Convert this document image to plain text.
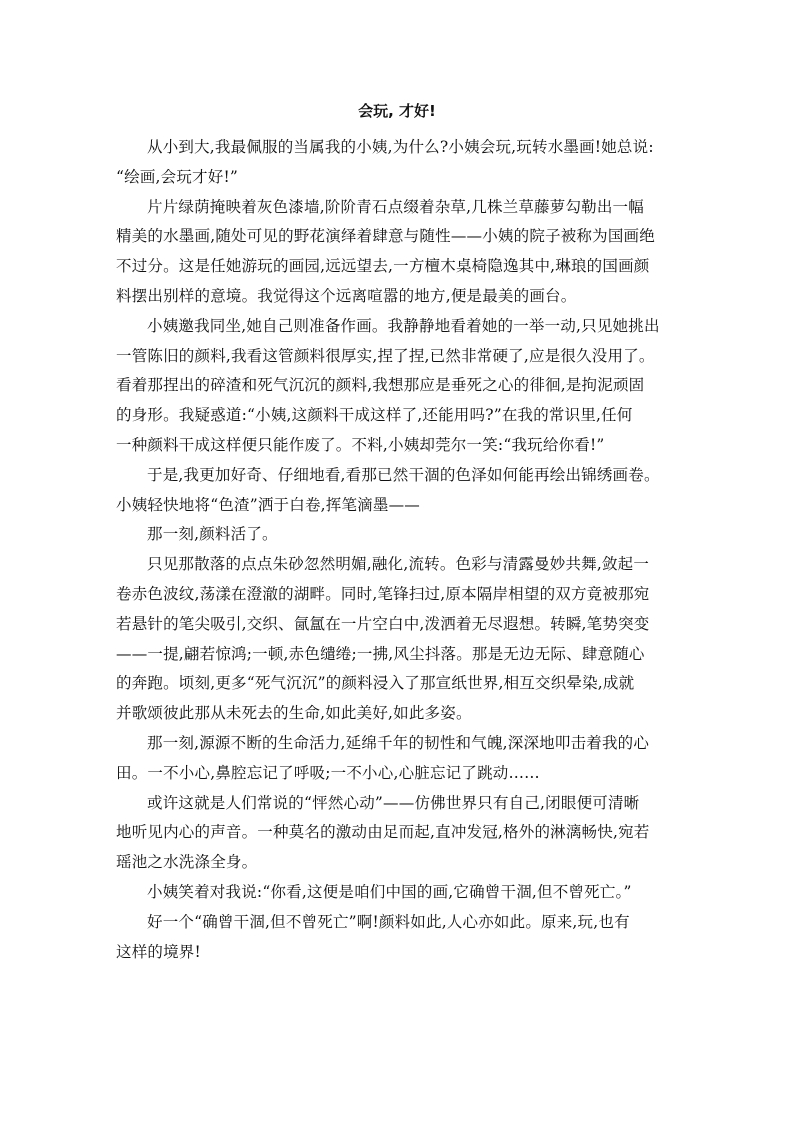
会玩, 才好!
从小到大,我最佩服的当属我的小姨,为什么?小姨会玩,玩转水墨画!她总说:
“绘画,会玩才好!”
片片绿荫掩映着灰色漆墙,阶阶青石点缀着杂草,几株兰草藤萝勾勒出一幅
精美的水墨画,随处可见的野花演绎着肆意与随性——小姨的院子被称为国画绝
不过分。这是任她游玩的画园,远远望去,一方檀木桌椅隐逸其中,琳琅的国画颜
料摆出别样的意境。我觉得这个远离喧嚣的地方,便是最美的画台。
小姨邀我同坐,她自己则准备作画。我静静地看着她的一举一动,只见她挑出
一管陈旧的颜料,我看这管颜料很厚实,捏了捏,已然非常硬了,应是很久没用了。
看着那捏出的碎渣和死气沉沉的颜料,我想那应是垂死之心的徘徊,是拘泥顽固
的身形。我疑惑道:“小姨,这颜料干成这样了,还能用吗?”在我的常识里,任何
一种颜料干成这样便只能作废了。不料,小姨却莞尔一笑:“我玩给你看!”
于是,我更加好奇、仔细地看,看那已然干涸的色泽如何能再绘出锦绣画卷。
小姨轻快地将“色渣”洒于白卷,挥笔滴墨——
那一刻,颜料活了。
只见那散落的点点朱砂忽然明媚,融化,流转。色彩与清露曼妙共舞,敛起一
卷赤色波纹,荡漾在澄澈的湖畔。同时,笔锋扫过,原本隔岸相望的双方竟被那宛
若悬针的笔尖吸引,交织、氤氲在一片空白中,泼洒着无尽遐想。转瞬,笔势突变
——一提,翩若惊鸿;一顿,赤色缱绻;一拂,风尘抖落。那是无边无际、肆意随心
的奔跑。顷刻,更多“死气沉沉”的颜料浸入了那宣纸世界,相互交织晕染,成就
并歌颂彼此那从未死去的生命,如此美好,如此多姿。
那一刻,源源不断的生命活力,延绵千年的韧性和气魄,深深地叩击着我的心
田。一不小心,鼻腔忘记了呼吸;一不小心,心脏忘记了跳动……
或许这就是人们常说的“怦然心动”——仿佛世界只有自己,闭眼便可清晰
地听见内心的声音。一种莫名的激动由足而起,直冲发冠,格外的淋漓畅快,宛若
瑶池之水洗涤全身。
小姨笑着对我说:“你看,这便是咱们中国的画,它确曾干涸,但不曾死亡。”
好一个“确曾干涸,但不曾死亡”啊!颜料如此,人心亦如此。原来,玩,也有
这样的境界!
